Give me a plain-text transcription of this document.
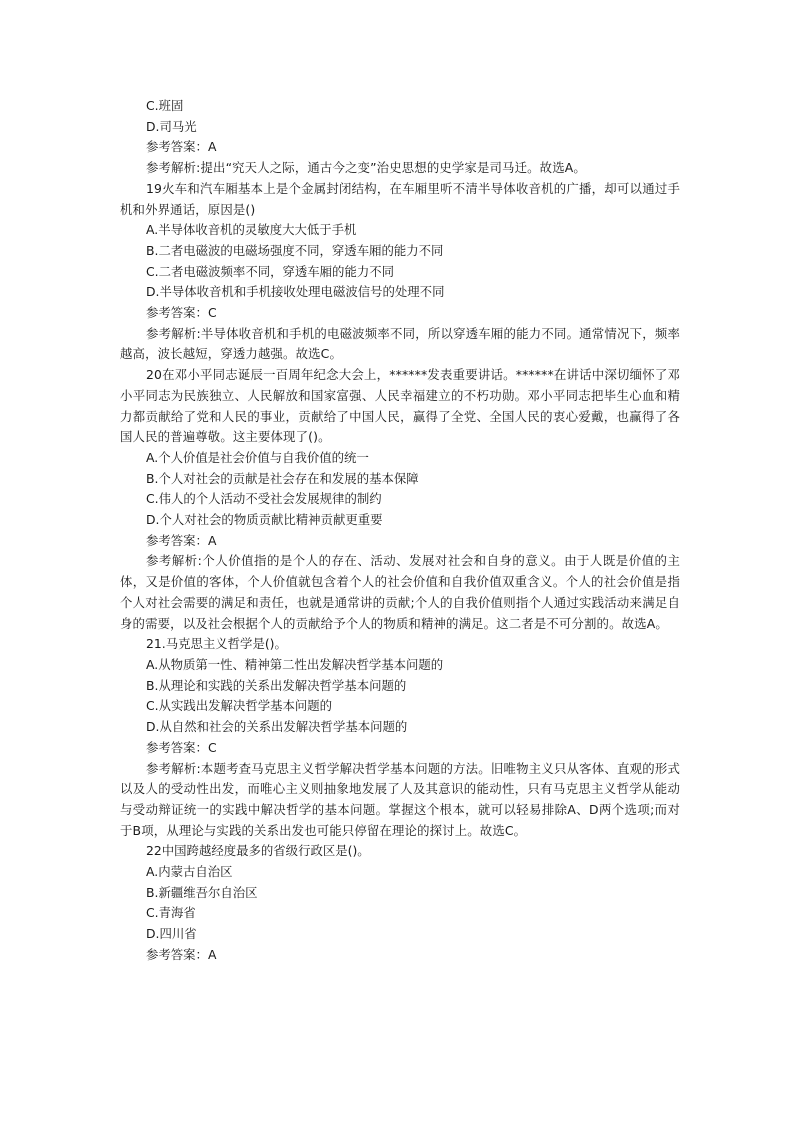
C.班固

D.司马光

参考答案：A

参考解析:提出“究天人之际，通古今之变”治史思想的史学家是司马迁。故选A。

19火车和汽车厢基本上是个金属封闭结构，在车厢里听不清半导体收音机的广播，却可以通过手机和外界通话，原因是()

A.半导体收音机的灵敏度大大低于手机

B.二者电磁波的电磁场强度不同，穿透车厢的能力不同

C.二者电磁波频率不同，穿透车厢的能力不同

D.半导体收音机和手机接收处理电磁波信号的处理不同

参考答案：C

参考解析:半导体收音机和手机的电磁波频率不同，所以穿透车厢的能力不同。通常情况下，频率越高，波长越短，穿透力越强。故选C。

20在邓小平同志诞辰一百周年纪念大会上，******发表重要讲话。******在讲话中深切缅怀了邓小平同志为民族独立、人民解放和国家富强、人民幸福建立的不朽功勋。邓小平同志把毕生心血和精力都贡献给了党和人民的事业，贡献给了中国人民，赢得了全党、全国人民的衷心爱戴，也赢得了各国人民的普遍尊敬。这主要体现了()。

A.个人价值是社会价值与自我价值的统一

B.个人对社会的贡献是社会存在和发展的基本保障

C.伟人的个人活动不受社会发展规律的制约

D.个人对社会的物质贡献比精神贡献更重要

参考答案：A

参考解析:个人价值指的是个人的存在、活动、发展对社会和自身的意义。由于人既是价值的主体，又是价值的客体，个人价值就包含着个人的社会价值和自我价值双重含义。个人的社会价值是指个人对社会需要的满足和责任，也就是通常讲的贡献;个人的自我价值则指个人通过实践活动来满足自身的需要，以及社会根据个人的贡献给予个人的物质和精神的满足。这二者是不可分割的。故选A。

21.马克思主义哲学是()。

A.从物质第一性、精神第二性出发解决哲学基本问题的

B.从理论和实践的关系出发解决哲学基本问题的

C.从实践出发解决哲学基本问题的

D.从自然和社会的关系出发解决哲学基本问题的

参考答案：C

参考解析:本题考查马克思主义哲学解决哲学基本问题的方法。旧唯物主义只从客体、直观的形式以及人的受动性出发，而唯心主义则抽象地发展了人及其意识的能动性，只有马克思主义哲学从能动与受动辩证统一的实践中解决哲学的基本问题。掌握这个根本，就可以轻易排除A、D两个选项;而对于B项，从理论与实践的关系出发也可能只停留在理论的探讨上。故选C。

22中国跨越经度最多的省级行政区是()。

A.内蒙古自治区

B.新疆维吾尔自治区

C.青海省

D.四川省

参考答案：A
